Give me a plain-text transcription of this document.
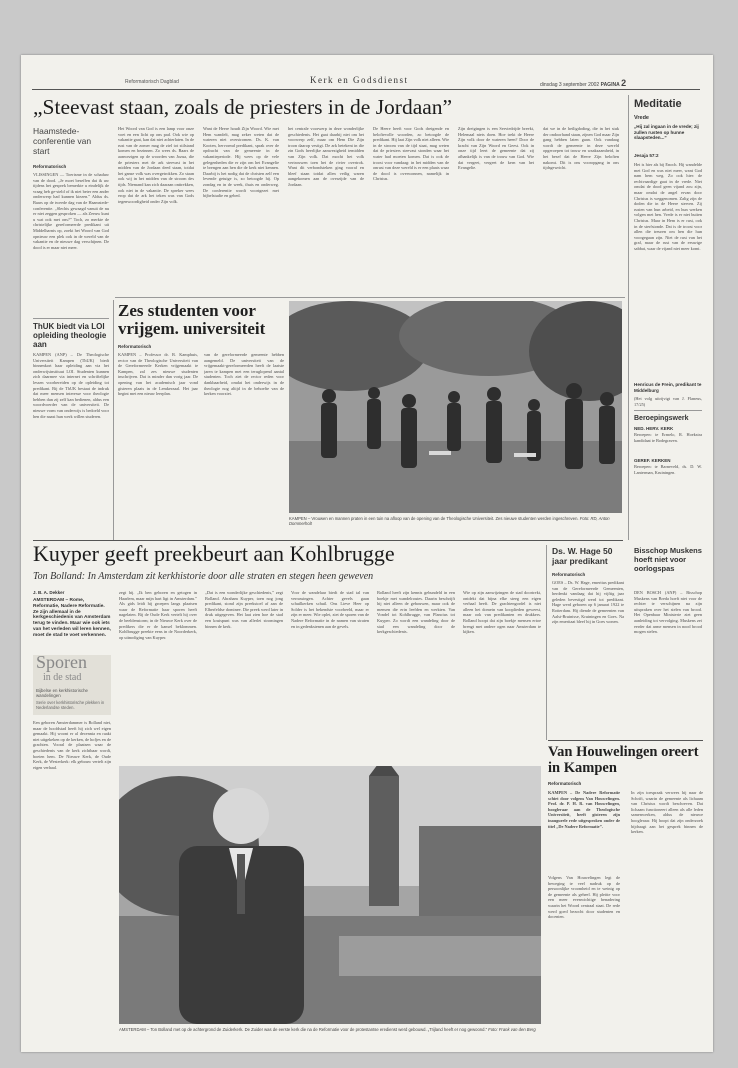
Reformatorisch Dagblad	Kerk en Godsdienst	dinsdag 3 september 2002 PAGINA 2
„Steevast staan, zoals de priesters in de Jordaan”
Haamstede-conferentie van start
Reformatorisch
VLISSINGEN — Toerisme in de schaduw van de dood. „Je moet beseffen dat ik uw tijdens het gesprek bemerkte u eindelijk de vraag heb ge-steld of ik niet beter een ander onderwerp had kunnen kiezen.” Aldus ds. Baars op de tweede dag van de Haamstede-conferentie. „Slechts gewaagd vanuit de nu er niet zeggen gesproken — als Zeeuw kunt u wat ook met ons?” Toch, zo merkte de christelijke gereformeerde predikant uit Middelharnis op, zoekt het Woord van God opnieuw een plek ook in de wereld van de vakantie en de nieuwe dag verschijnen. De dood is er maar niet meer.
Het Woord van God is een lamp voor onze voet en een licht op ons pad. Ook wie op vakantie gaat, kan dat niet achterlaten. In de rust van de zomer mag de ziel tot stilstand komen en bezinnen. Zo wees ds. Baars de aanwezigen op de woorden van Jozua, die de priesters met de ark steevast in het midden van de Jordaan deed staan, totdat het ganse volk was overgetrokken. Zo staan ook wij in het midden van de stroom des tijds. Niemand kan zich daaraan onttrekken, ook niet in de vakantie. De spreker wees erop dat de ark het teken was van Gods tegenwoordigheid onder Zijn volk.
Want de Heere houdt Zijn Woord. Wie met Hem wandelt, mag zeker weten dat de wateren niet overstromen. Ds. K. van Kooten, hervormd predikant, sprak over de opdracht van de gemeente in de vakantieperiode. Hij wees op de vele gelegenheden die er zijn om het Evangelie te brengen aan hen die de kerk niet kennen. Daarbij is het nodig dat de christen zelf een levende getuige is, zo betoogde hij. Op zondag en in de week, thuis en onderweg. De conferentie wordt voortgezet met bijbelstudie en gebed.
het centrale voorwerp in deze wonderlijke geschiedenis. Het gaat daarbij niet om het voorwerp zelf, maar om Hem Die Zijn troon daarop vestigt. De ark betekent in die zin Gods heerlijke aanwezigheid temidden van Zijn volk. Dat mocht het volk vertrouwen toen het de rivier overtrok. Want dit verbondsteken ging vooraf en bleef staan totdat allen veilig waren aangekomen aan de overzijde van de Jordaan.
De Heere heeft voor Gods dreigende en beloftevolle woorden, zo betoogde de predikant. Hij laat Zijn volk niet alleen. Wie in de stroom van de tijd staat, mag weten dat de priesters steevast stonden waar het water had moeten komen. Dat is ook de troost voor vandaag: in het midden van de onrust van deze wereld is er een plaats waar de dood is overwonnen, namelijk in Christus.
Zijn dreigingen is een Serviedrijde breekt, Helemaal niets doen. Hoe trekt de Heere Zijn volk door de wateren heen? Door de kracht van Zijn Woord en Geest. Ook in onze tijd leert de gemeente dat zij afhankelijk is van de trouw van God. Wie dat vergeet, vergeet de kern van het Evangelie.
dat we in de heiligdoding, die in het stuk der ondoorhand staan, zijnen God maar Zijn gang hebben laten gaan. Ook vandaag wordt de gemeente in deze wereld opgeroepen tot trouw en waakzaamheid, in het besef dat de Heere Zijn beloften nakomt. Dit is ons vooropgang in ons tijdsgewricht.
Meditatie
Vrede
„Hij zal ingaan in de vrede; zij zullen rusten op hunne slaapsteden...”
Jesaja 57:2
Het is hier als bij Enoch. Hij wandelde met God en was niet meer, want God nam hem weg. Zo ook hier: de rechtvaardige gaat in de vrede. Niet omdat de dood geen vijand zou zijn, maar omdat de angel ervan door Christus is weggenomen. Zalig zijn de doden die in de Heere sterven. Zij rusten van hun arbeid, en hun werken volgen met hen. Vrede is er niet buiten Christus. Maar in Hem is er rust, ook in de sterfstonde. Dat is de troost voor allen die treuren om hen die hun voorgegaan zijn. Niet de rust van het graf, maar de rust van de eeuwige sabbat, waar de vijand niet meer komt.
Henricus de Frein, predikant te Middelburg
(Het volg uitrijvigt van J. Flaneus, 17/25)
Beroepingswerk
NED. HERV. KERK
Beroepen: te Ermelo, R. Hoekstra kandidaat te Bodegraven.
GEREF. KERKEN
Beroepen: te Barneveld, ds. D. W. Lanterman, Kruiningen.
ThUK biedt via LOI opleiding theologie aan
KAMPEN (ANP) – De Theologische Universiteit Kampen (ThUK) biedt binnenkort haar opleiding aan via het onderwijsinstituut LOI. Studenten kunnen zich daarmee via internet en schriftelijke lessen voorbereiden op de opleiding tot predikant. Bij de ThUK bestaat de indruk dat meer mensen interesse voor theologie hebben dan zij zelf kan bedienen, aldus een woordvoerder van de universiteit. De nieuwe vorm van onderwijs is bedoeld voor hen die naast hun werk willen studeren.
Zes studenten voor vrijgem. universiteit
Reformatorisch
KAMPEN – Professor dr. B. Kamphuis, rector van de Theologische Universiteit van de Gereformeerde Kerken vrijgemaakt te Kampen, zal zes nieuwe studenten inschrijven. Dat is minder dan vorig jaar. De opening van het academisch jaar vond gisteren plaats in de Lemkerzaal. Het jaar begint met een nieuw leerplan.
van de gereformeerde gemeente hebben aangemeld. De universiteit van de vrijgemaakt-gereformeerden heeft de laatste jaren te kampen met een teruglopend aantal studenten. Toch ziet de rector reden voor dankbaarheid, omdat het onderwijs in de theologie nog altijd in de behoefte van de kerken voorziet.
KAMPEN – Vrouwen en mannen praten in een tuin na afloop van de opening van de Theologische Universiteit. Zes nieuwe studenten werden ingeschreven. Foto: RD, Anton Dommerholt
Kuyper geeft preekbeurt aan Kohlbrugge
Ton Bolland: In Amsterdam zit kerkhistorie door alle straten en stegen heen geweven
J. B. A. Dekker
AMSTERDAM – Rome, Reformatie, Nadere Reformatie. Ze zijn allemaal in de kerkgeschiedenis van Amsterdam terug te vinden. Maar wie ook iets van het verleden wil leren kennen, moet de stad te voet verkennen.
Sporen
in de stad
Bijbelse en kerkhistorische wandelingen
Serie over kerkhistorische plekken in Nederlandse steden.
Een geboren Amsterdammer is Bolland niet, maar de hoofdstad heeft hij zich wel eigen gemaakt. Hij woont er al decennia en raakt niet uitgekeken op de kerken, de hofjes en de grachten. Vooral de plaatsen waar de geschiedenis van de kerk zichtbaar wordt, boeien hem. De Nieuwe Kerk, de Oude Kerk, de Westerkerk: elk gebouw vertelt zijn eigen verhaal.
zegt hij. „Ik ben geboren en getogen in Haarlem, maar mijn hart ligt in Amsterdam.” Als gids leidt hij groepen langs plaatsen waar de Reformatie haar sporen heeft nagelaten. Bij de Oude Kerk vertelt hij over de beeldenstorm; in de Nieuwe Kerk over de predikers die er de kansel beklommen. Kohlbrugge preekte eens in de Noorderkerk, op uitnodiging van Kuyper.
„Dat is een wonderlijke geschiedenis,” zegt Bolland. Abraham Kuyper, toen nog jong predikant, stond zijn preekstoel af aan de Elberfeldse dominee. Die preek werd later in druk uitgegeven. Het laat zien hoe de stad een kruispunt was van allerlei stromingen binnen de kerk.
Voor de wandelaar biedt de stad tal van verrassingen. Achter gevels gaan schuilkerken schuil. Ons Lieve Heer op Solder is het bekendste voorbeeld, maar er zijn er meer. Wie oplet, ziet de sporen van de Nadere Reformatie in de namen van straten en in gedenkstenen aan de gevels.
Bolland heeft zijn kennis gebundeld in een boekje met wandelroutes. Daarin beschrijft hij niet alleen de gebouwen, maar ook de mensen die erin leefden en werkten. Van Vondel tot Kohlbrugge, van Plancius tot Kuyper. Zo wordt een wandeling door de stad een wandeling door de kerkgeschiedenis.
Wie op zijn aanwijzingen de stad doortrekt, ontdekt dat bijna elke steeg een eigen verhaal heeft. De grachtengordel is niet alleen het domein van kooplieden geweest, maar ook van predikanten en drukkers. Bolland hoopt dat zijn boekje mensen ertoe brengt met andere ogen naar Amsterdam te kijken.
AMSTERDAM – Ton Bolland met op de achtergrond de Zuiderkerk. De Zuider was de eerste kerk die na de Reformatie voor de protestantse eredienst werd gebouwd. „Trijland heeft er nog gewoond.” Foto: Frank van den Berg
Ds. W. Hage 50 jaar predikant
Reformatorisch
GOES – Ds. W. Hage, emeritus predikant van de Gereformeerde Gemeenten, herdenkt vandaag dat hij vijftig jaar geleden bevestigd werd tot predikant. Hage werd geboren op 6 januari 1922 te Rotterdam. Hij diende de gemeenten van Aalst-Bruinisse, Kruiningen en Goes. Na zijn emeritaat bleef hij in Goes wonen.
Bisschop Muskens hoeft niet voor oorlogspas
DEN BOSCH (ANP) – Bisschop Muskens van Breda hoeft niet voor de rechter te verschijnen na zijn uitspraken over het stelen van brood. Het Openbaar Ministerie ziet geen aanleiding tot vervolging. Muskens zei eerder dat arme mensen in nood brood mogen stelen.
Van Houwelingen oreert in Kampen
Reformatorisch
KAMPEN – De Nadere Reformatie schiet door volgens Van Houwelingen. Prof. dr. P. H. R. van Houwelingen, hoogleraar aan de Theologische Universiteit, heeft gisteren zijn inaugurele rede uitgesproken onder de titel „De Nadere Reformatie”.
Volgens Van Houwelingen legt de beweging te veel nadruk op de persoonlijke vroomheid en te weinig op de gemeente als geheel. Hij pleitte voor een meer evenwichtige benadering waarin het Woord centraal staat. De rede werd goed bezocht door studenten en docenten.
In zijn toespraak verwees hij naar de Schrift, waarin de gemeente als lichaam van Christus wordt beschreven. Dat lichaam functioneert alleen als alle leden samenwerken, aldus de nieuwe hoogleraar. Hij hoopt dat zijn onderzoek bijdraagt aan het gesprek binnen de kerken.
